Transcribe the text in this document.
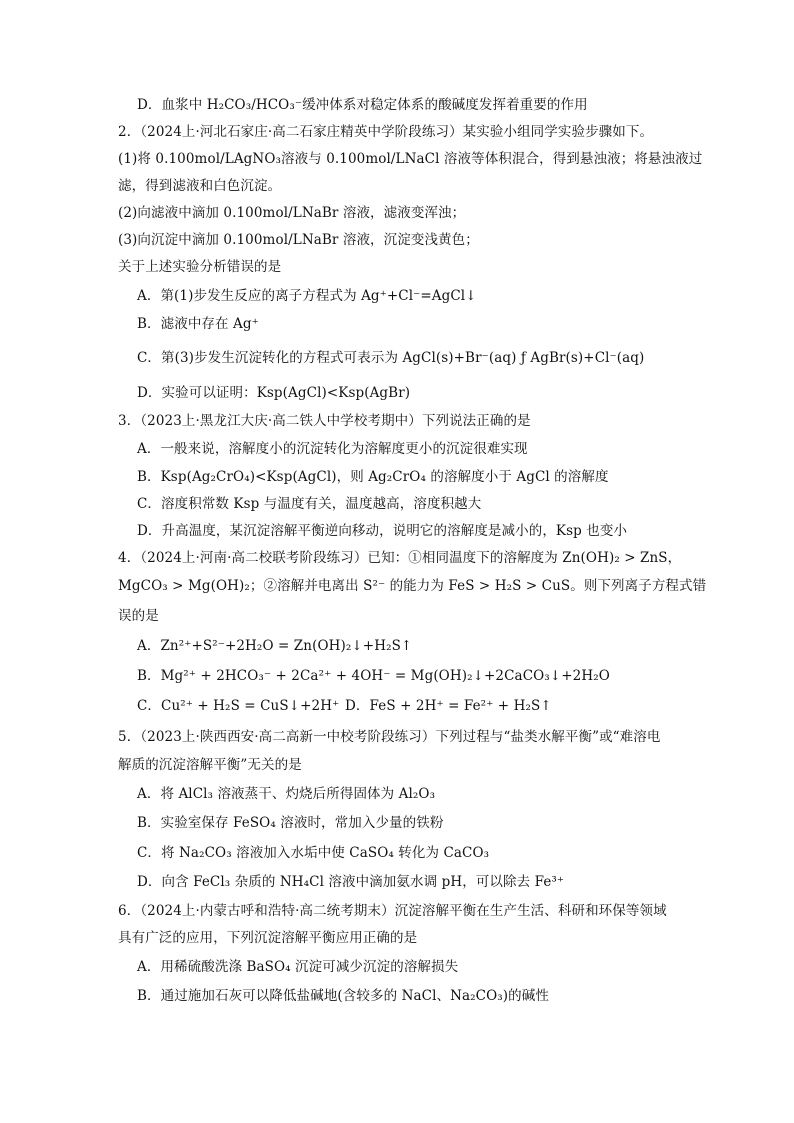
D．血浆中 H₂CO₃/HCO₃⁻缓冲体系对稳定体系的酸碱度发挥着重要的作用
2．（2024上·河北石家庄·高二石家庄精英中学阶段练习）某实验小组同学实验步骤如下。
(1)将 0.100mol/LAgNO₃溶液与 0.100mol/LNaCl 溶液等体积混合，得到悬浊液；将悬浊液过
滤，得到滤液和白色沉淀。
(2)向滤液中滴加 0.100mol/LNaBr 溶液，滤液变浑浊；
(3)向沉淀中滴加 0.100mol/LNaBr 溶液，沉淀变浅黄色；
关于上述实验分析错误的是
A．第(1)步发生反应的离子方程式为 Ag⁺+Cl⁻=AgCl↓
B．滤液中存在 Ag⁺
C．第(3)步发生沉淀转化的方程式可表示为 AgCl(s)+Br⁻(aq) ƒ AgBr(s)+Cl⁻(aq)
D．实验可以证明：Ksp(AgCl)<Ksp(AgBr)
3．（2023上·黑龙江大庆·高二铁人中学校考期中）下列说法正确的是
A．一般来说，溶解度小的沉淀转化为溶解度更小的沉淀很难实现
B．Ksp(Ag₂CrO₄)<Ksp(AgCl)，则 Ag₂CrO₄ 的溶解度小于 AgCl 的溶解度
C．溶度积常数 Ksp 与温度有关，温度越高，溶度积越大
D．升高温度，某沉淀溶解平衡逆向移动，说明它的溶解度是减小的，Ksp 也变小
4．（2024上·河南·高二校联考阶段练习）已知：①相同温度下的溶解度为 Zn(OH)₂ > ZnS，
MgCO₃ > Mg(OH)₂；②溶解并电离出 S²⁻ 的能力为 FeS > H₂S > CuS。则下列离子方程式错
误的是
A．Zn²⁺+S²⁻+2H₂O = Zn(OH)₂↓+H₂S↑
B．Mg²⁺ + 2HCO₃⁻ + 2Ca²⁺ + 4OH⁻ = Mg(OH)₂↓+2CaCO₃↓+2H₂O
C．Cu²⁺ + H₂S = CuS↓+2H⁺ D．FeS + 2H⁺ = Fe²⁺ + H₂S↑
5．（2023上·陕西西安·高二高新一中校考阶段练习）下列过程与“盐类水解平衡”或“难溶电
解质的沉淀溶解平衡”无关的是
A．将 AlCl₃ 溶液蒸干、灼烧后所得固体为 Al₂O₃
B．实验室保存 FeSO₄ 溶液时，常加入少量的铁粉
C．将 Na₂CO₃ 溶液加入水垢中使 CaSO₄ 转化为 CaCO₃
D．向含 FeCl₃ 杂质的 NH₄Cl 溶液中滴加氨水调 pH，可以除去 Fe³⁺
6．（2024上·内蒙古呼和浩特·高二统考期末）沉淀溶解平衡在生产生活、科研和环保等领域
具有广泛的应用，下列沉淀溶解平衡应用正确的是
A．用稀硫酸洗涤 BaSO₄ 沉淀可减少沉淀的溶解损失
B．通过施加石灰可以降低盐碱地(含较多的 NaCl、Na₂CO₃)的碱性
